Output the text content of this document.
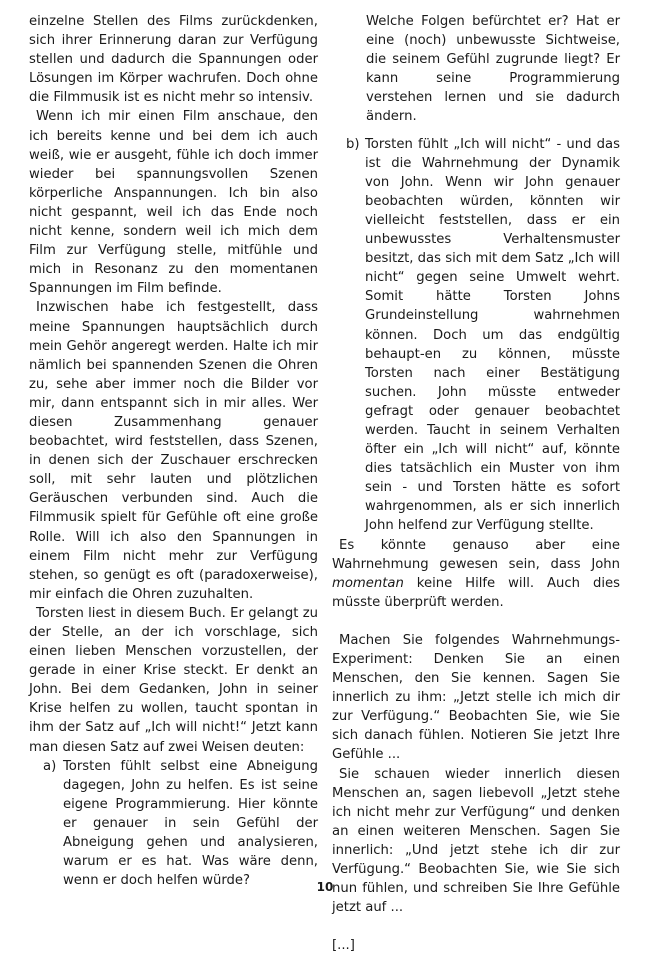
einzelne Stellen des Films zurückdenken, sich ihrer Erinnerung daran zur Verfügung stellen und dadurch die Spannungen oder Lösungen im Körper wachrufen. Doch ohne die Filmmusik ist es nicht mehr so intensiv.

Wenn ich mir einen Film anschaue, den ich bereits kenne und bei dem ich auch weiß, wie er ausgeht, fühle ich doch immer wieder bei spannungsvollen Szenen körperliche Anspannungen. Ich bin also nicht gespannt, weil ich das Ende noch nicht kenne, sondern weil ich mich dem Film zur Verfügung stelle, mitfühle und mich in Resonanz zu den momentanen Spannungen im Film befinde.

Inzwischen habe ich festgestellt, dass meine Spannungen hauptsächlich durch mein Gehör angeregt werden. Halte ich mir nämlich bei spannenden Szenen die Ohren zu, sehe aber immer noch die Bilder vor mir, dann entspannt sich in mir alles. Wer diesen Zusammenhang genauer beobachtet, wird feststellen, dass Szenen, in denen sich der Zuschauer erschrecken soll, mit sehr lauten und plötzlichen Geräuschen verbunden sind. Auch die Filmmusik spielt für Gefühle oft eine große Rolle. Will ich also den Spannungen in einem Film nicht mehr zur Verfügung stehen, so genügt es oft (paradoxerweise), mir einfach die Ohren zuzuhalten.

Torsten liest in diesem Buch. Er gelangt zu der Stelle, an der ich vorschlage, sich einen lieben Menschen vorzustellen, der gerade in einer Krise steckt. Er denkt an John. Bei dem Gedanken, John in seiner Krise helfen zu wollen, taucht spontan in ihm der Satz auf „Ich will nicht!“ Jetzt kann man diesen Satz auf zwei Weisen deuten:

a) Torsten fühlt selbst eine Abneigung dagegen, John zu helfen. Es ist seine eigene Programmierung. Hier könnte er genauer in sein Gefühl der Abneigung gehen und analysieren, warum er es hat. Was wäre denn, wenn er doch helfen würde?
Welche Folgen befürchtet er? Hat er eine (noch) unbewusste Sichtweise, die seinem Gefühl zugrunde liegt? Er kann seine Programmierung verstehen lernen und sie dadurch ändern.
b) Torsten fühlt „Ich will nicht“ - und das ist die Wahrnehmung der Dynamik von John. Wenn wir John genauer beobachten würden, könnten wir vielleicht feststellen, dass er ein unbewusstes Verhaltensmuster besitzt, das sich mit dem Satz „Ich will nicht“ gegen seine Umwelt wehrt. Somit hätte Torsten Johns Grundeinstellung wahrnehmen können. Doch um das endgültig behaupt-en zu können, müsste Torsten nach einer Bestätigung suchen. John müsste entweder gefragt oder genauer beobachtet werden. Taucht in seinem Verhalten öfter ein „Ich will nicht“ auf, könnte dies tatsächlich ein Muster von ihm sein - und Torsten hätte es sofort wahrgenommen, als er sich innerlich John helfend zur Verfügung stellte.

Es könnte genauso aber eine Wahrnehmung gewesen sein, dass John momentan keine Hilfe will. Auch dies müsste überprüft werden.

Machen Sie folgendes Wahrnehmungs-Experiment: Denken Sie an einen Menschen, den Sie kennen. Sagen Sie innerlich zu ihm: „Jetzt stelle ich mich dir zur Verfügung.“ Beobachten Sie, wie Sie sich danach fühlen. Notieren Sie jetzt Ihre Gefühle ...

Sie schauen wieder innerlich diesen Menschen an, sagen liebevoll „Jetzt stehe ich nicht mehr zur Verfügung“ und denken an einen weiteren Menschen. Sagen Sie innerlich: „Und jetzt stehe ich dir zur Verfügung.“ Beobachten Sie, wie Sie sich nun fühlen, und schreiben Sie Ihre Gefühle jetzt auf ...

[...]

10
